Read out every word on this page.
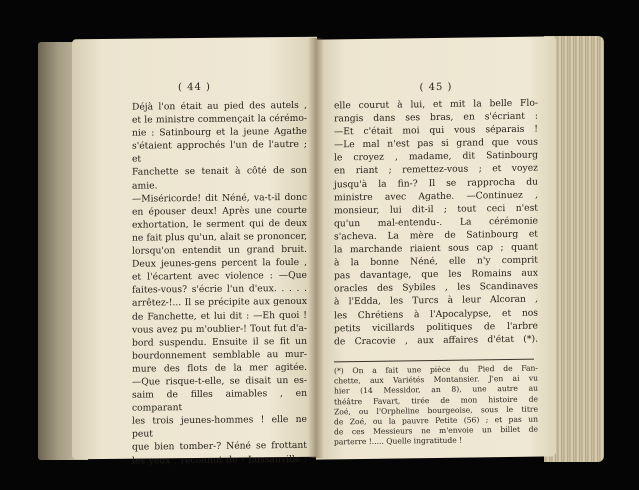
( 44 )
Déjà l'on était au pied des autels ,
et le ministre commençait la cérémo-
nie : Satinbourg et la jeune Agathe
s'étaient approchés l'un de l'autre ; et
Fanchette se tenait à côté de son amie.
—Miséricorde! dit Néné, va-t-il donc
en épouser deux! Après une courte
exhortation, le serment qui de deux
ne fait plus qu'un, alait se prononcer,
lorsqu'on entendit un grand bruit.
Deux jeunes-gens percent la foule ,
et l'écartent avec violence : —Que
faites-vous? s'écrie l'un d'eux. . . . .
arrêtez-!... Il se précipite aux genoux
de Fanchette, et lui dit : —Eh quoi !
vous avez pu m'oublier-! Tout fut d'a-
bord suspendu. Ensuite il se fit un
bourdonnement semblable au mur-
mure des flots de la mer agitée.
—Que risque-t-elle, se disait un es-
saim de filles aimables , en comparant
les trois jeunes-hommes ! elle ne peut
que bien tomber-? Néné se frottant
les yeux , reconnut de - Lussanville :
( 45 )
elle courut à lui, et mit la belle Flo-
rangis dans ses bras, en s'écriant :
—Et c'était moi qui vous séparais !
—Le mal n'est pas si grand que vous
le croyez , madame, dit Satinbourg
en riant ; remettez-vous ; et voyez
jusqu'à la fin-? Il se rapprocha du
ministre avec Agathe. —Continuez ,
monsieur, lui dit-il ; tout ceci n'est
qu'un mal-entendu-. La cérémonie
s'acheva. La mère de Satinbourg et
la marchande riaient sous cap ; quant
à la bonne Néné, elle n'y comprit
pas davantage, que les Romains aux
oracles des Sybiles , les Scandinaves
à l'Edda, les Turcs à leur Alcoran ,
les Chrétiens à l'Apocalypse, et nos
petits vicillards politiques de l'arbre
de Cracovie , aux affaires d'état (*).
(*) On a fait une pièce du Pied de Fan-
chette, aux Variétés Montansier. J'en ai vu
hier (14 Messidor, an 8), une autre au
théâtre Favart, tirée de mon histoire de
Zoé, ou l'Orpheline bourgeoise, sous le titre
de Zoé, ou la pauvre Petite (56) ; et pas un
de ces Messieurs ne m'envoie un billet de
parterre !..... Quelle ingratitude !
